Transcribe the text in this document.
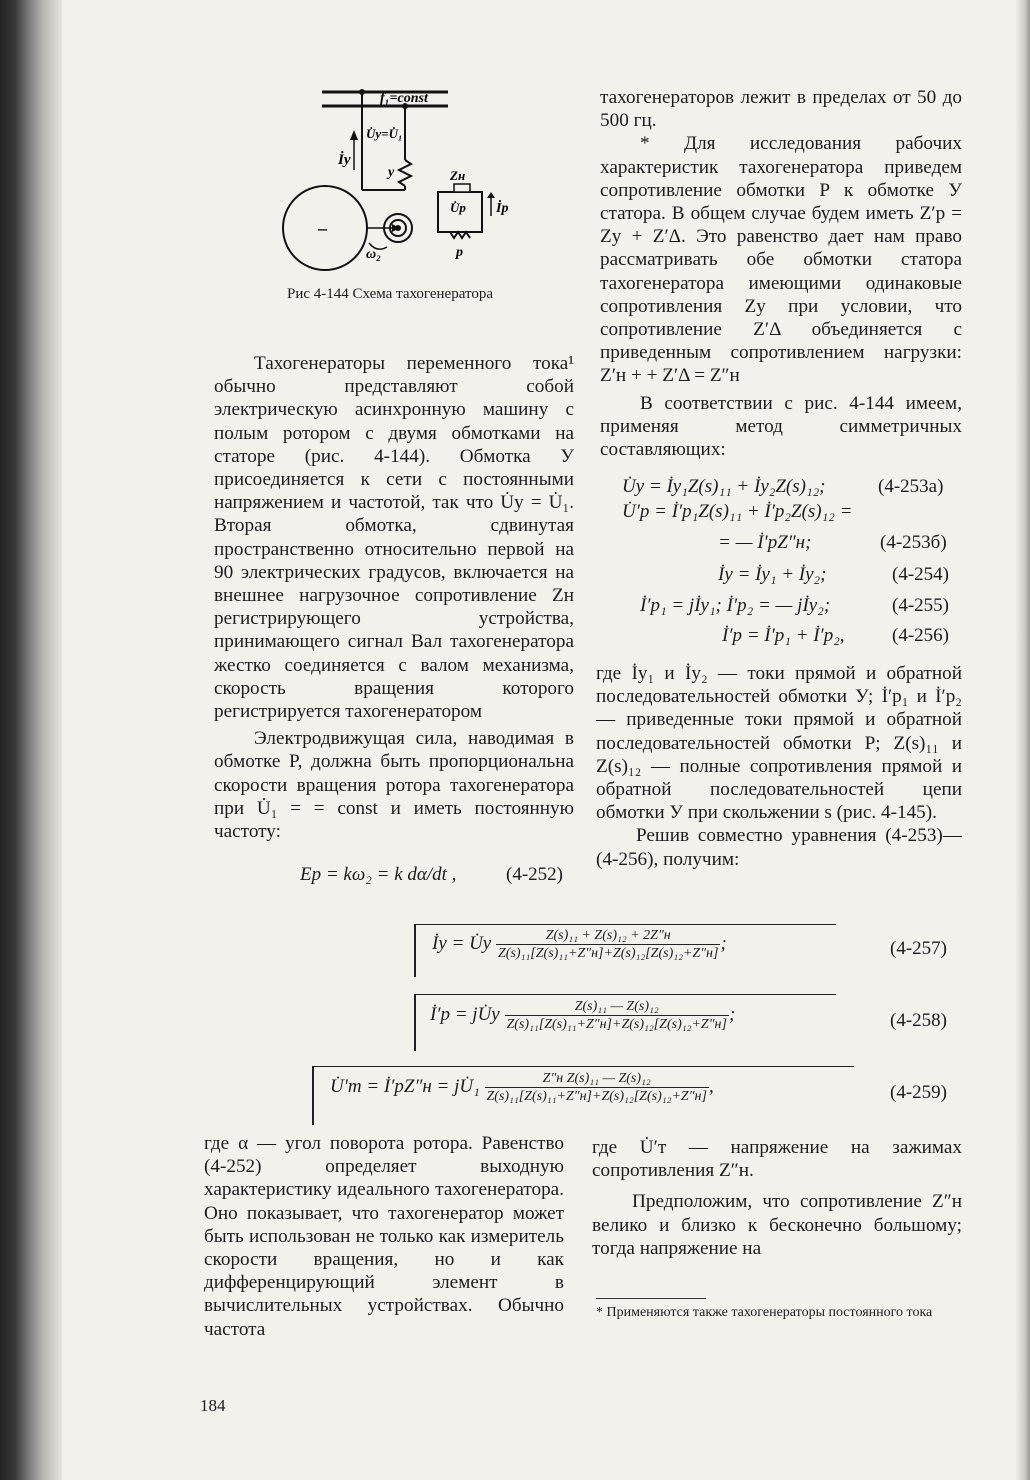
f₁=const
U̇y=U̇₁
İy
y	Zн
U̇p İp
ω₂	p
–
Рис 4-144 Схема тахогенератора

Тахогенераторы переменного тока¹ обычно представляют собой электрическую асинхронную машину с полым ротором с двумя обмотками на статоре (рис. 4-144). Обмотка У присоединяется к сети с постоянными напряжением и частотой, так что U̇у = U̇₁. Вторая обмотка, сдвинутая пространственно относительно первой на 90 электрических градусов, включается на внешнее нагрузочное сопротивление Zн регистрирующего устройства, принимающего сигнал Вал тахогенератора жестко соединяется с валом механизма, скорость вращения которого регистрируется тахогенератором

Электродвижущая сила, наводимая в обмотке P, должна быть пропорциональна скорости вращения ротора тахогенератора при U̇₁ = = const и иметь постоянную частоту:

Eр = kω₂ = k dα/dt ,	(4-252)

тахогенераторов лежит в пределах от 50 до 500 гц.

* Для исследования рабочих характеристик тахогенератора приведем сопротивление обмотки P к обмотке У статора. В общем случае будем иметь Z′р = Zу + Z′Δ. Это равенство дает нам право рассматривать обе обмотки статора тахогенератора имеющими одинаковые сопротивления Zу при условии, что сопротивление Z′Δ объединяется с приведенным сопротивлением нагрузки: Z′н + + Z′Δ = Z″н

В соответствии с рис. 4-144 имеем, применяя метод симметричных составляющих:

U̇у = İу₁Z(s)₁₁ + İу₂Z(s)₁₂;	(4-253а)
U̇′р = İ′р₁Z(s)₁₁ + İ′р₂Z(s)₁₂ =
= — İ′рZ″н;	(4-253б)
İу = İу₁ + İу₂;	(4-254)
İ′р₁ = jİу₁; İ′р₂ = — jİу₂;	(4-255)
İ′р = İ′р₁ + İ′р₂, (4-256)

где İу₁ и İу₂ — токи прямой и обратной последовательностей обмотки У; İ′р₁ и İ′р₂ — приведенные токи прямой и обратной последовательностей обмотки P; Z(s)₁₁ и Z(s)₁₂ — полные сопротивления прямой и обратной последовательностей цепи обмотки У при скольжении s (рис. 4-145).

Решив совместно уравнения (4-253)—(4-256), получим:

İу = U̇у $\frac{\text{Z(s)₁₁ + Z(s)₁₂ + 2Z″н}}{\text{Z(s)₁₁[Z(s)₁₁+Z″н]+Z(s)₁₂[Z(s)₁₂+Z″н]}}$ ;	(4-257)
İ′р = jU̇у $\frac{\text{Z(s)₁₁ — Z(s)₁₂}}{\text{Z(s)₁₁[Z(s)₁₁+Z″н]+Z(s)₁₂[Z(s)₁₂+Z″н]}}$ ;	(4-258)
U̇′т = İ′рZ″н = jU̇₁ $\frac{\text{Z″н Z(s)₁₁ — Z(s)₁₂}}{\text{Z(s)₁₁[Z(s)₁₁+Z″н]+Z(s)₁₂[Z(s)₁₂+Z″н]}}$ ,	(4-259)

где α — угол поворота ротора. Равенство (4-252) определяет выходную характеристику идеального тахогенератора. Оно показывает, что тахогенератор может быть использован не только как измеритель скорости вращения, но и как дифференцирующий элемент в вычислительных устройствах. Обычно частота

где U̇′т — напряжение на зажимах сопротивления Z″н.

Предположим, что сопротивление Z″н велико и близко к бесконечно большому; тогда напряжение на

* Применяются также тахогенераторы постоянного тока
184
